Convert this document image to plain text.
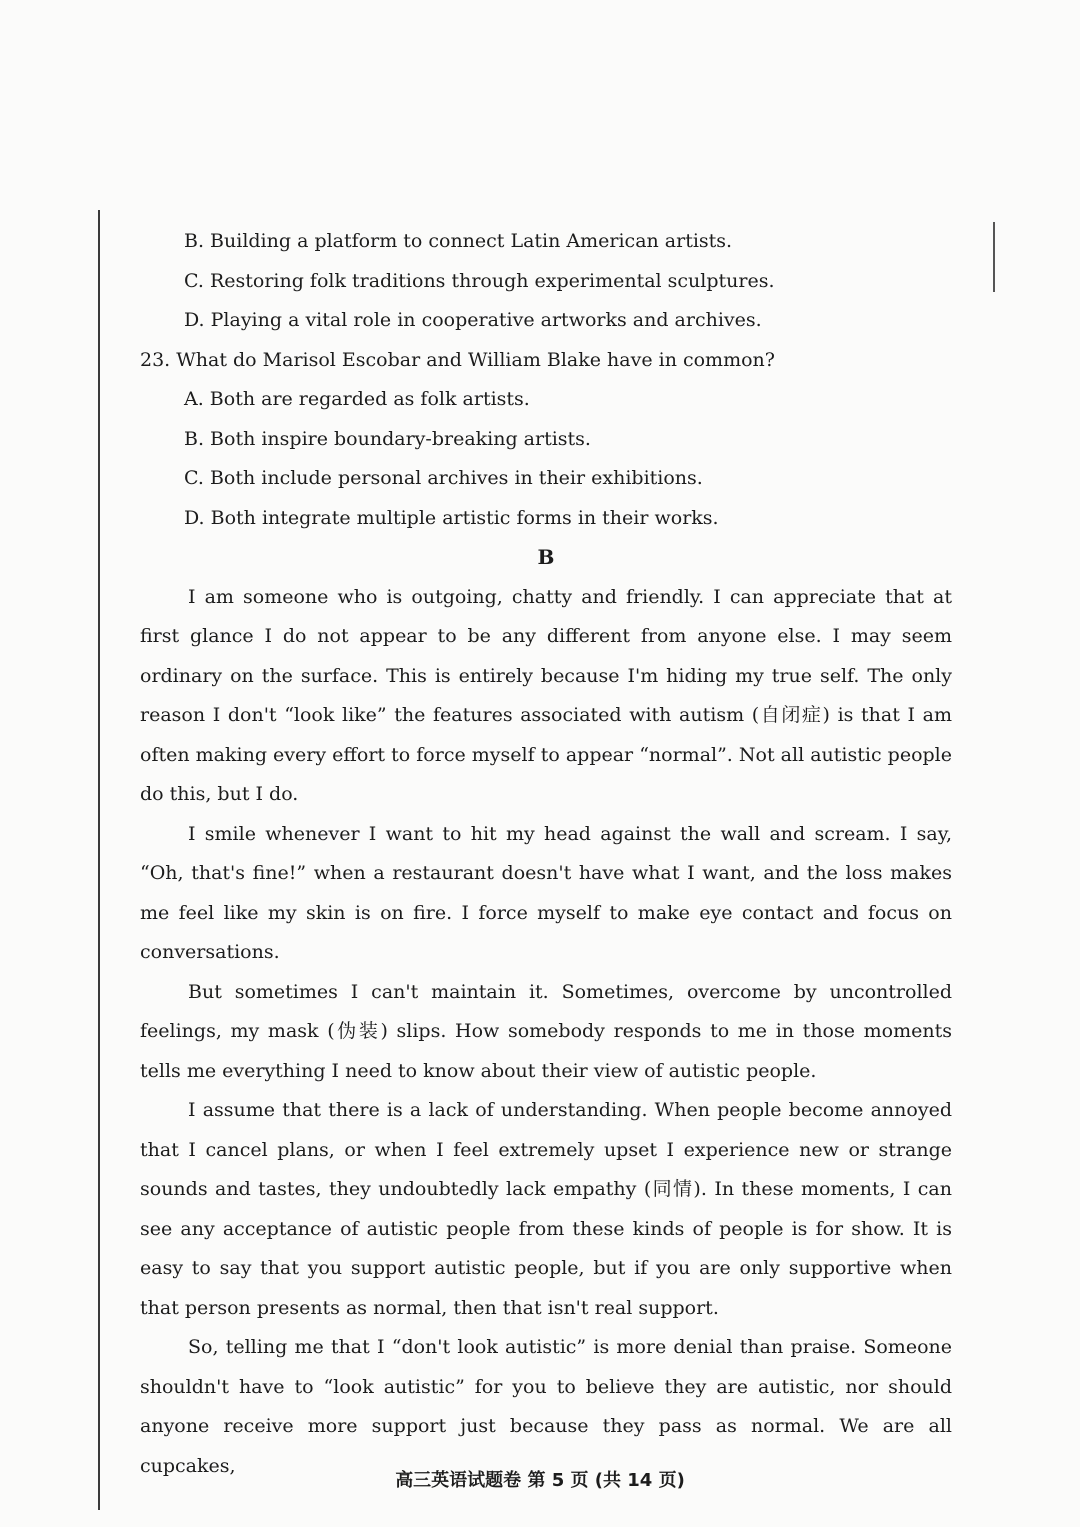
B. Building a platform to connect Latin American artists.
C. Restoring folk traditions through experimental sculptures.
D. Playing a vital role in cooperative artworks and archives.
23. What do Marisol Escobar and William Blake have in common?
A. Both are regarded as folk artists.
B. Both inspire boundary-breaking artists.
C. Both include personal archives in their exhibitions.
D. Both integrate multiple artistic forms in their works.
B

I am someone who is outgoing, chatty and friendly. I can appreciate that at first glance I do not appear to be any different from anyone else. I may seem ordinary on the surface. This is entirely because I'm hiding my true self. The only reason I don't “look like” the features associated with autism (自闭症) is that I am often making every effort to force myself to appear “normal”. Not all autistic people do this, but I do.

I smile whenever I want to hit my head against the wall and scream. I say, “Oh, that's fine!” when a restaurant doesn't have what I want, and the loss makes me feel like my skin is on fire. I force myself to make eye contact and focus on conversations.

But sometimes I can't maintain it. Sometimes, overcome by uncontrolled feelings, my mask (伪装) slips. How somebody responds to me in those moments tells me everything I need to know about their view of autistic people.

I assume that there is a lack of understanding. When people become annoyed that I cancel plans, or when I feel extremely upset I experience new or strange sounds and tastes, they undoubtedly lack empathy (同情). In these moments, I can see any acceptance of autistic people from these kinds of people is for show. It is easy to say that you support autistic people, but if you are only supportive when that person presents as normal, then that isn't real support.

So, telling me that I “don't look autistic” is more denial than praise. Someone shouldn't have to “look autistic” for you to believe they are autistic, nor should anyone receive more support just because they pass as normal. We are all cupcakes,

高三英语试题卷 第 5 页 (共 14 页)
